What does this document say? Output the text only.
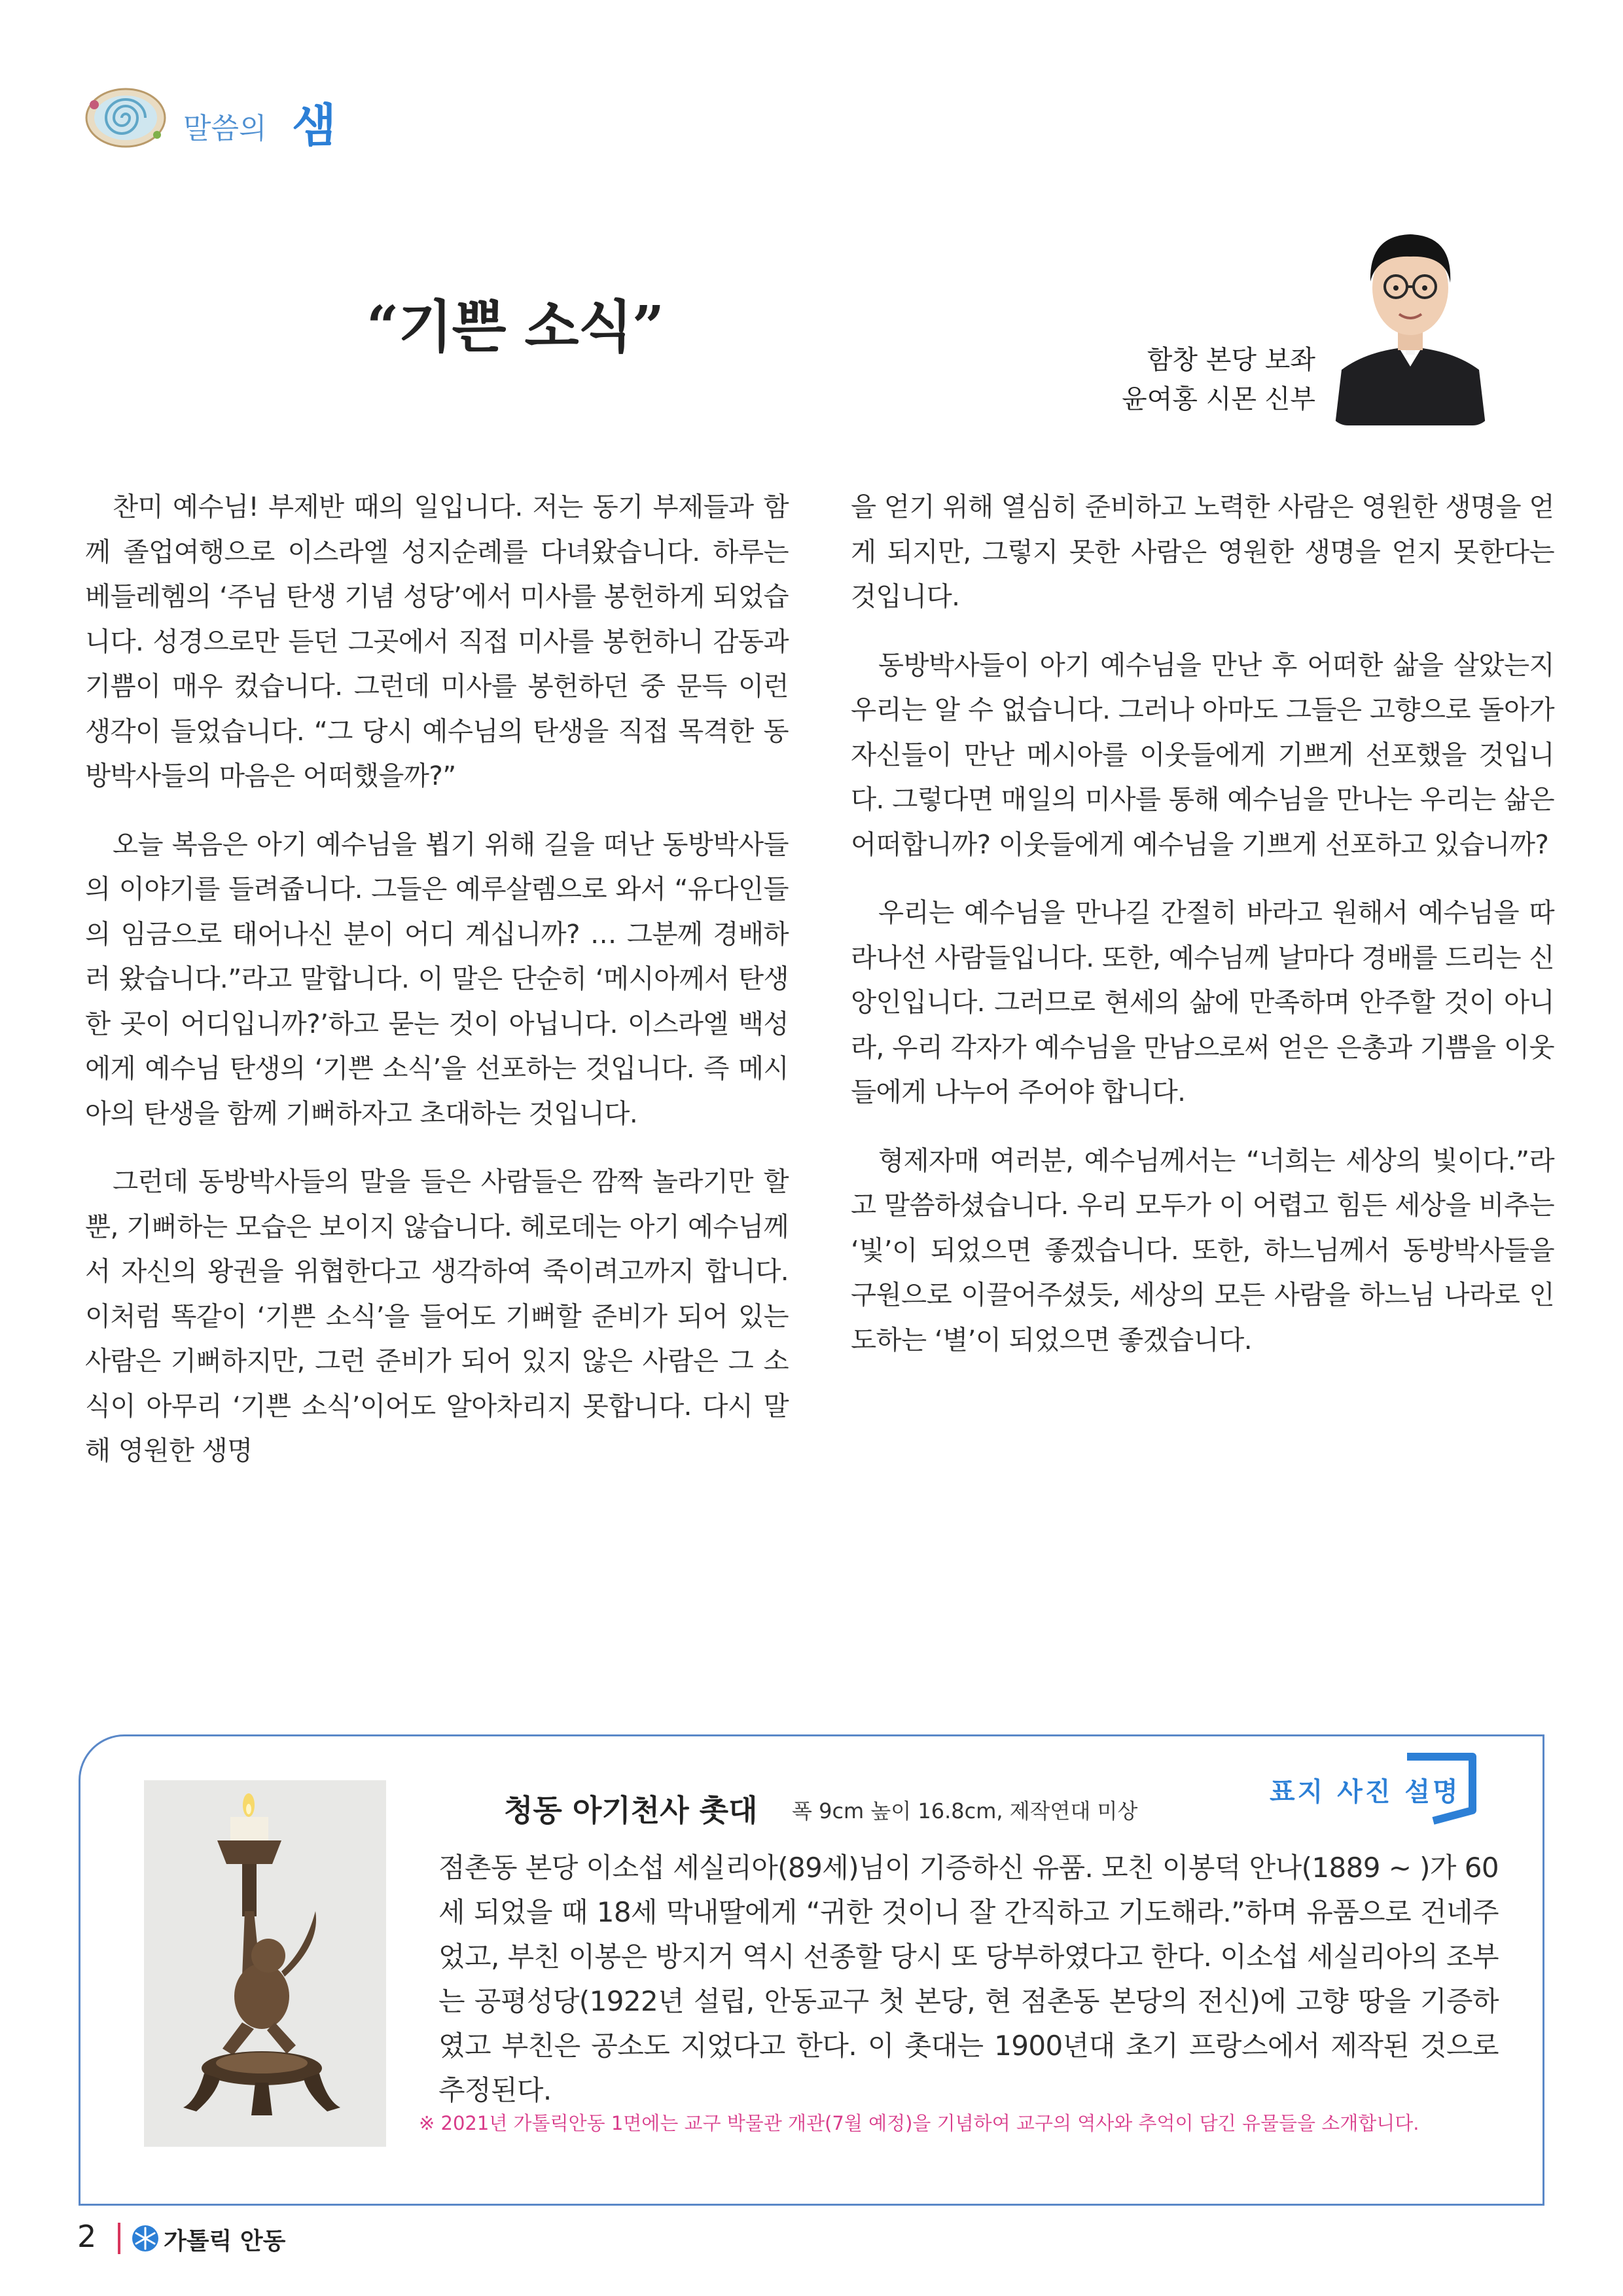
말씀의 샘
“기쁜 소식”	함창 본당 보좌
윤여홍 시몬 신부

찬미 예수님! 부제반 때의 일입니다. 저는 동기 부제들과 함께 졸업여행으로 이스라엘 성지순례를 다녀왔습니다. 하루는 베들레헴의 ‘주님 탄생 기념 성당’에서 미사를 봉헌하게 되었습니다. 성경으로만 듣던 그곳에서 직접 미사를 봉헌하니 감동과 기쁨이 매우 컸습니다. 그런데 미사를 봉헌하던 중 문득 이런 생각이 들었습니다. “그 당시 예수님의 탄생을 직접 목격한 동방박사들의 마음은 어떠했을까?”

오늘 복음은 아기 예수님을 뵙기 위해 길을 떠난 동방박사들의 이야기를 들려줍니다. 그들은 예루살렘으로 와서 “유다인들의 임금으로 태어나신 분이 어디 계십니까? … 그분께 경배하러 왔습니다.”라고 말합니다. 이 말은 단순히 ‘메시아께서 탄생한 곳이 어디입니까?’하고 묻는 것이 아닙니다. 이스라엘 백성에게 예수님 탄생의 ‘기쁜 소식’을 선포하는 것입니다. 즉 메시아의 탄생을 함께 기뻐하자고 초대하는 것입니다.

그런데 동방박사들의 말을 들은 사람들은 깜짝 놀라기만 할 뿐, 기뻐하는 모습은 보이지 않습니다. 헤로데는 아기 예수님께서 자신의 왕권을 위협한다고 생각하여 죽이려고까지 합니다. 이처럼 똑같이 ‘기쁜 소식’을 들어도 기뻐할 준비가 되어 있는 사람은 기뻐하지만, 그런 준비가 되어 있지 않은 사람은 그 소식이 아무리 ‘기쁜 소식’이어도 알아차리지 못합니다. 다시 말해 영원한 생명

을 얻기 위해 열심히 준비하고 노력한 사람은 영원한 생명을 얻게 되지만, 그렇지 못한 사람은 영원한 생명을 얻지 못한다는 것입니다.

동방박사들이 아기 예수님을 만난 후 어떠한 삶을 살았는지 우리는 알 수 없습니다. 그러나 아마도 그들은 고향으로 돌아가 자신들이 만난 메시아를 이웃들에게 기쁘게 선포했을 것입니다. 그렇다면 매일의 미사를 통해 예수님을 만나는 우리는 삶은 어떠합니까? 이웃들에게 예수님을 기쁘게 선포하고 있습니까?

우리는 예수님을 만나길 간절히 바라고 원해서 예수님을 따라나선 사람들입니다. 또한, 예수님께 날마다 경배를 드리는 신앙인입니다. 그러므로 현세의 삶에 만족하며 안주할 것이 아니라, 우리 각자가 예수님을 만남으로써 얻은 은총과 기쁨을 이웃들에게 나누어 주어야 합니다.

형제자매 여러분, 예수님께서는 “너희는 세상의 빛이다.”라고 말씀하셨습니다. 우리 모두가 이 어렵고 힘든 세상을 비추는 ‘빛’이 되었으면 좋겠습니다. 또한, 하느님께서 동방박사들을 구원으로 이끌어주셨듯, 세상의 모든 사람을 하느님 나라로 인도하는 ‘별’이 되었으면 좋겠습니다.

청동 아기천사 촛대 폭 9cm 높이 16.8cm, 제작연대 미상
표지 사진 설명
점촌동 본당 이소섭 세실리아(89세)님이 기증하신 유품. 모친 이봉덕 안나(1889 ~ )가 60세 되었을 때 18세 막내딸에게 “귀한 것이니 잘 간직하고 기도해라.”하며 유품으로 건네주었고, 부친 이봉은 방지거 역시 선종할 당시 또 당부하였다고 한다. 이소섭 세실리아의 조부는 공평성당(1922년 설립, 안동교구 첫 본당, 현 점촌동 본당의 전신)에 고향 땅을 기증하였고 부친은 공소도 지었다고 한다. 이 촛대는 1900년대 초기 프랑스에서 제작된 것으로 추정된다.
※ 2021년 가톨릭안동 1면에는 교구 박물관 개관(7월 예정)을 기념하여 교구의 역사와 추억이 담긴 유물들을 소개합니다.
2	가톨릭 안동
